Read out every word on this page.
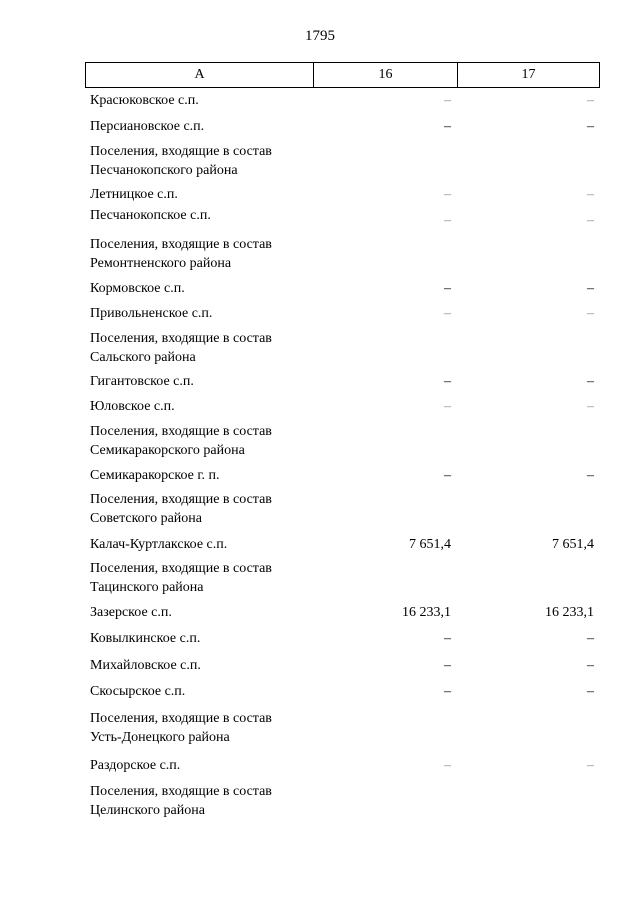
1795
А	16	17
Красюковское с.п.	–	–
Персиановское с.п.	–	–
Поселения, входящие в состав
Песчанокопского района
Летницкое с.п.	–	–
Песчанокопское с.п.	–	–
Поселения, входящие в состав
Ремонтненского района
Кормовское с.п.	–	–
Привольненское с.п.	–	–
Поселения, входящие в состав
Сальского района
Гигантовское с.п.	–	–
Юловское с.п.	–	–
Поселения, входящие в состав
Семикаракорского района
Семикаракорское г. п.	–	–
Поселения, входящие в состав
Советского района
Калач-Куртлакское с.п.	7 651,4	7 651,4
Поселения, входящие в состав
Тацинского района
Зазерское с.п.	16 233,1	16 233,1
Ковылкинское с.п.	–	–
Михайловское с.п.	–	–
Скосырское с.п.	–	–
Поселения, входящие в состав
Усть-Донецкого района
Раздорское с.п.	–	–
Поселения, входящие в состав
Целинского района
